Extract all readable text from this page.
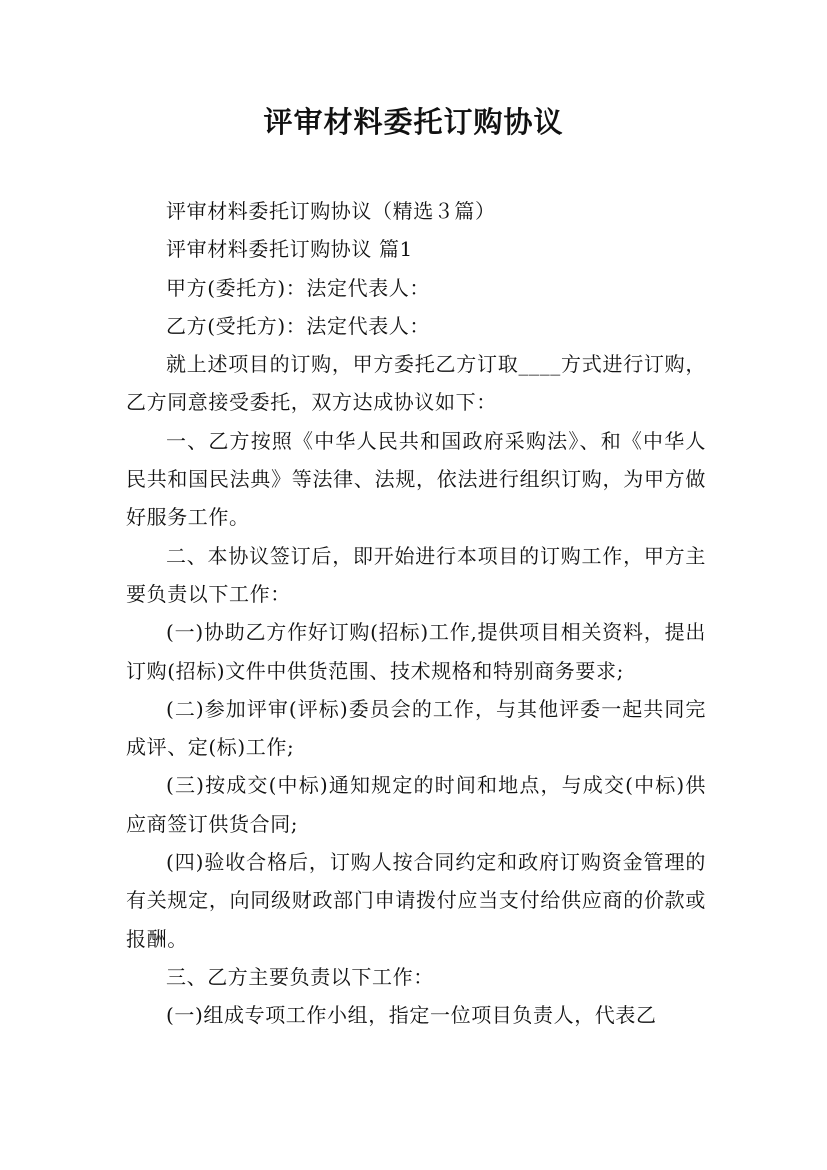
评审材料委托订购协议

评审材料委托订购协议（精选３篇）

评审材料委托订购协议 篇1

甲方(委托方)：法定代表人：

乙方(受托方)：法定代表人：

就上述项目的订购，甲方委托乙方订取____方式进行订购，乙方同意接受委托，双方达成协议如下：

一、乙方按照《中华人民共和国政府采购法》、和《中华人民共和国民法典》等法律、法规，依法进行组织订购，为甲方做好服务工作。

二、本协议签订后，即开始进行本项目的订购工作，甲方主要负责以下工作：

(一)协助乙方作好订购(招标)工作,提供项目相关资料，提出订购(招标)文件中供货范围、技术规格和特别商务要求;

(二)参加评审(评标)委员会的工作，与其他评委一起共同完成评、定(标)工作;

(三)按成交(中标)通知规定的时间和地点，与成交(中标)供应商签订供货合同;

(四)验收合格后，订购人按合同约定和政府订购资金管理的有关规定，向同级财政部门申请拨付应当支付给供应商的价款或报酬。

三、乙方主要负责以下工作：

(一)组成专项工作小组，指定一位项目负责人，代表乙
